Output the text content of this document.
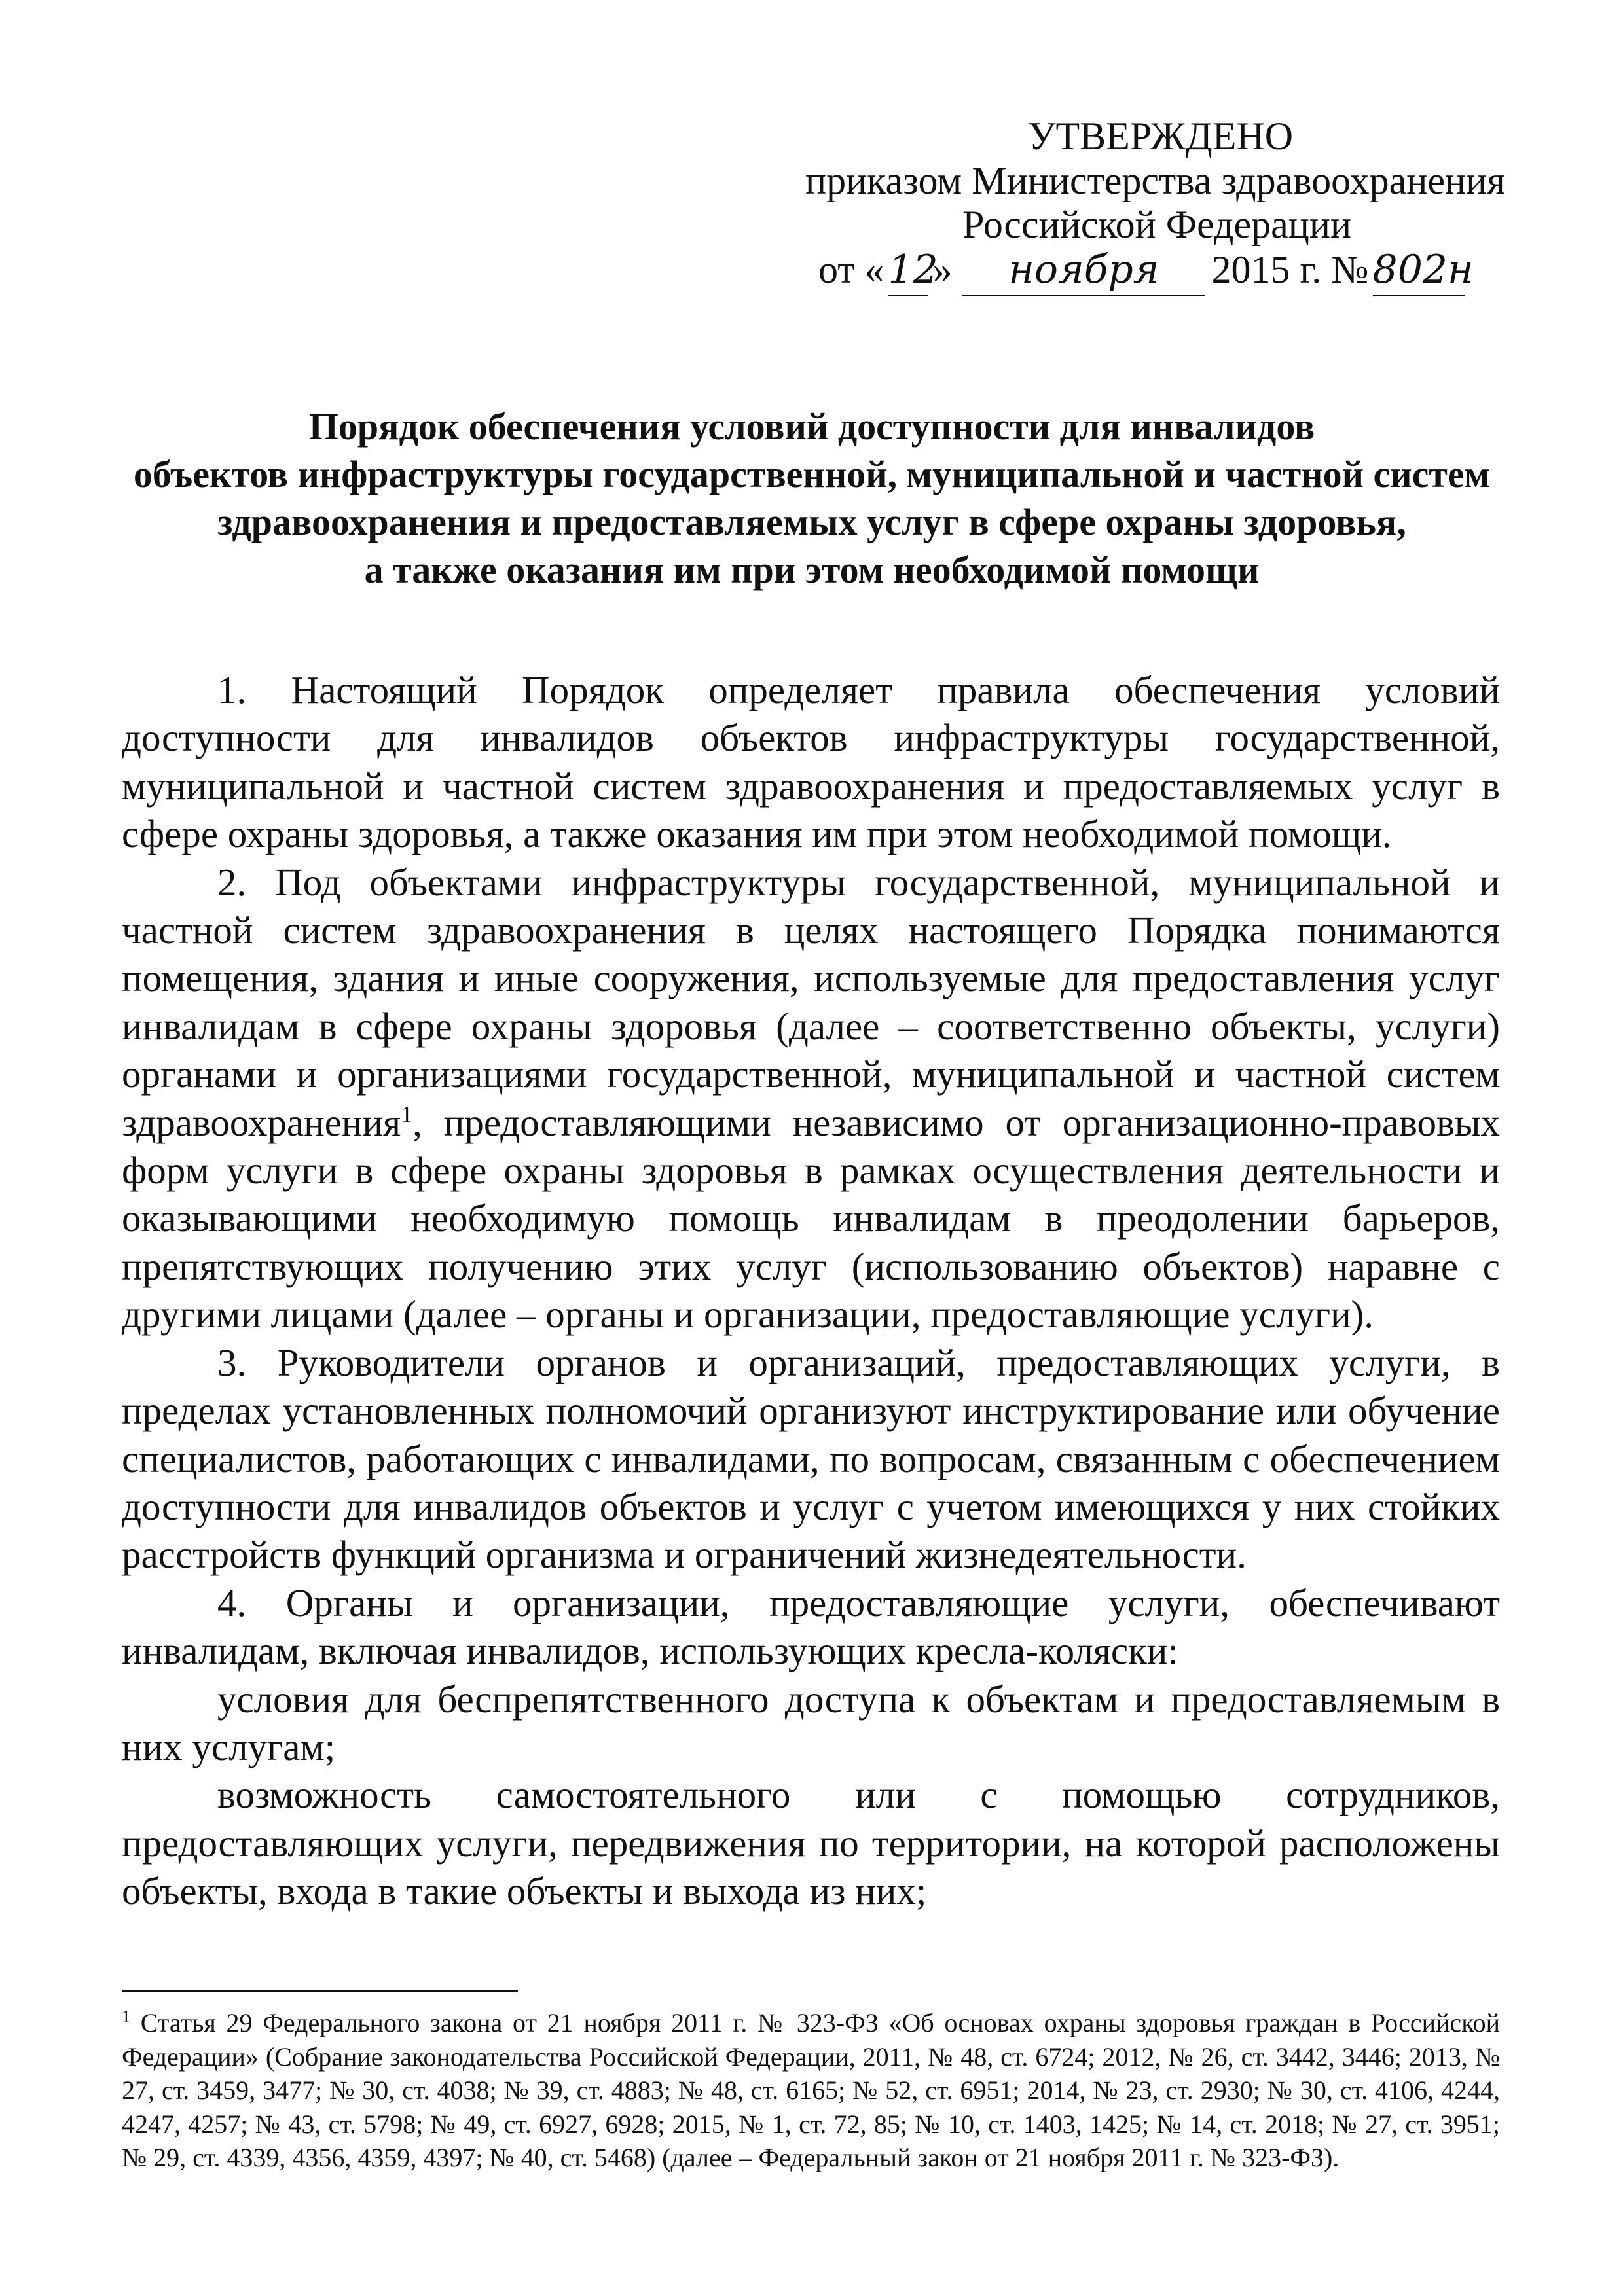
УТВЕРЖДЕНО
приказом Министерства здравоохранения
Российской Федерации
от « 12» ноября 2015 г. № 802н
Порядок обеспечения условий доступности для инвалидов
объектов инфраструктуры государственной, муниципальной и частной систем
здравоохранения и предоставляемых услуг в сфере охраны здоровья,
а также оказания им при этом необходимой помощи

1. Настоящий Порядок определяет правила обеспечения условий доступности для инвалидов объектов инфраструктуры государственной, муниципальной и частной систем здравоохранения и предоставляемых услуг в сфере охраны здоровья, а также оказания им при этом необходимой помощи.

2. Под объектами инфраструктуры государственной, муниципальной и частной систем здравоохранения в целях настоящего Порядка понимаются помещения, здания и иные сооружения, используемые для предоставления услуг инвалидам в сфере охраны здоровья (далее – соответственно объекты, услуги) органами и организациями государственной, муниципальной и частной систем здравоохранения$^1$, предоставляющими независимо от организационно-правовых форм услуги в сфере охраны здоровья в рамках осуществления деятельности и оказывающими необходимую помощь инвалидам в преодолении барьеров, препятствующих получению этих услуг (использованию объектов) наравне с другими лицами (далее – органы и организации, предоставляющие услуги).

3. Руководители органов и организаций, предоставляющих услуги, в пределах установленных полномочий организуют инструктирование или обучение специалистов, работающих с инвалидами, по вопросам, связанным с обеспечением доступности для инвалидов объектов и услуг с учетом имеющихся у них стойких расстройств функций организма и ограничений жизнедеятельности.

4. Органы и организации, предоставляющие услуги, обеспечивают инвалидам, включая инвалидов, использующих кресла-коляски:

условия для беспрепятственного доступа к объектам и предоставляемым в них услугам;

возможность самостоятельного или с помощью сотрудников, предоставляющих услуги, передвижения по территории, на которой расположены объекты, входа в такие объекты и выхода из них;

$^1$ Статья 29 Федерального закона от 21 ноября 2011 г. № 323-ФЗ «Об основах охраны здоровья граждан в Российской Федерации» (Собрание законодательства Российской Федерации, 2011, № 48, ст. 6724; 2012, № 26, ст. 3442, 3446; 2013, № 27, ст. 3459, 3477; № 30, ст. 4038; № 39, ст. 4883; № 48, ст. 6165; № 52, ст. 6951; 2014, № 23, ст. 2930; № 30, ст. 4106, 4244, 4247, 4257; № 43, ст. 5798; № 49, ст. 6927, 6928; 2015, № 1, ст. 72, 85; № 10, ст. 1403, 1425; № 14, ст. 2018; № 27, ст. 3951; № 29, ст. 4339, 4356, 4359, 4397; № 40, ст. 5468) (далее – Федеральный закон от 21 ноября 2011 г. № 323-ФЗ).
